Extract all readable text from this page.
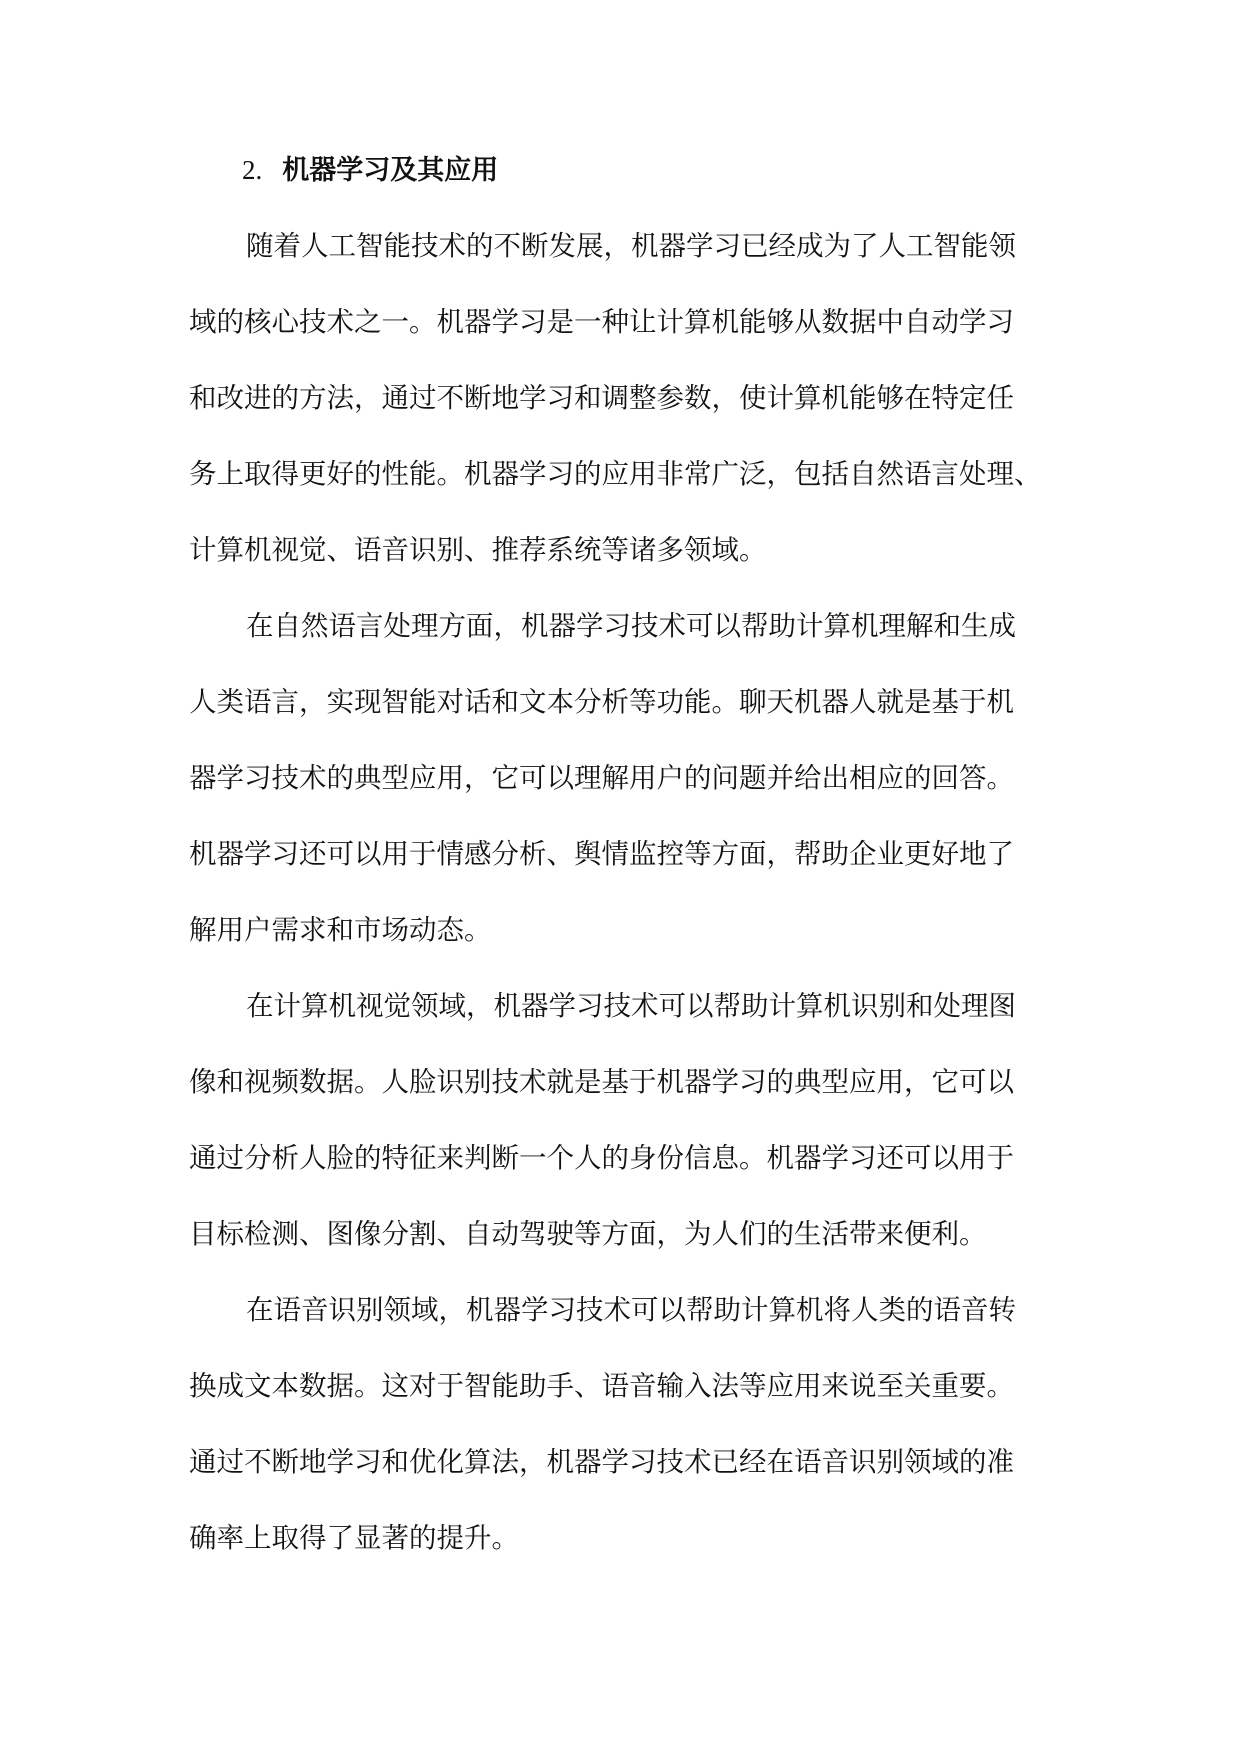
2. 机器学习及其应用
随着人工智能技术的不断发展，机器学习已经成为了人工智能领
域的核心技术之一。机器学习是一种让计算机能够从数据中自动学习
和改进的方法，通过不断地学习和调整参数，使计算机能够在特定任
务上取得更好的性能。机器学习的应用非常广泛，包括自然语言处理、
计算机视觉、语音识别、推荐系统等诸多领域。
在自然语言处理方面，机器学习技术可以帮助计算机理解和生成
人类语言，实现智能对话和文本分析等功能。聊天机器人就是基于机
器学习技术的典型应用，它可以理解用户的问题并给出相应的回答。
机器学习还可以用于情感分析、舆情监控等方面，帮助企业更好地了
解用户需求和市场动态。
在计算机视觉领域，机器学习技术可以帮助计算机识别和处理图
像和视频数据。人脸识别技术就是基于机器学习的典型应用，它可以
通过分析人脸的特征来判断一个人的身份信息。机器学习还可以用于
目标检测、图像分割、自动驾驶等方面，为人们的生活带来便利。
在语音识别领域，机器学习技术可以帮助计算机将人类的语音转
换成文本数据。这对于智能助手、语音输入法等应用来说至关重要。
通过不断地学习和优化算法，机器学习技术已经在语音识别领域的准
确率上取得了显著的提升。
